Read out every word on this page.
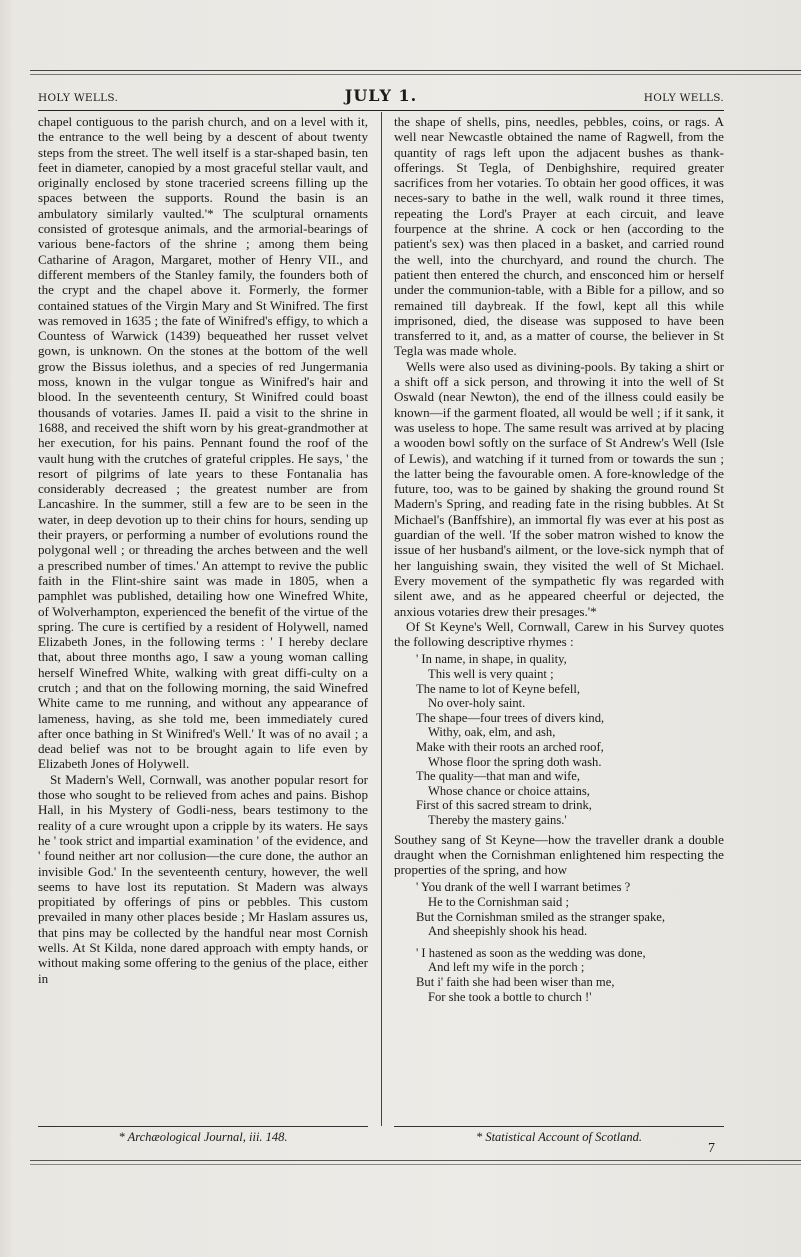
HOLY WELLS.	JULY 1.	HOLY WELLS.

chapel contiguous to the parish church, and on a level with it, the entrance to the well being by a descent of about twenty steps from the street. The well itself is a star-shaped basin, ten feet in diameter, canopied by a most graceful stellar vault, and originally enclosed by stone traceried screens filling up the spaces between the supports. Round the basin is an ambulatory similarly vaulted.'* The sculptural ornaments consisted of grotesque animals, and the armorial-bearings of various bene-factors of the shrine ; among them being Catharine of Aragon, Margaret, mother of Henry VII., and different members of the Stanley family, the founders both of the crypt and the chapel above it. Formerly, the former contained statues of the Virgin Mary and St Winifred. The first was removed in 1635 ; the fate of Winifred's effigy, to which a Countess of Warwick (1439) bequeathed her russet velvet gown, is unknown. On the stones at the bottom of the well grow the Bissus iolethus, and a species of red Jungermania moss, known in the vulgar tongue as Winifred's hair and blood. In the seventeenth century, St Winifred could boast thousands of votaries. James II. paid a visit to the shrine in 1688, and received the shift worn by his great-grandmother at her execution, for his pains. Pennant found the roof of the vault hung with the crutches of grateful cripples. He says, ' the resort of pilgrims of late years to these Fontanalia has considerably decreased ; the greatest number are from Lancashire. In the summer, still a few are to be seen in the water, in deep devotion up to their chins for hours, sending up their prayers, or performing a number of evolutions round the polygonal well ; or threading the arches between and the well a prescribed number of times.' An attempt to revive the public faith in the Flint-shire saint was made in 1805, when a pamphlet was published, detailing how one Winefred White, of Wolverhampton, experienced the benefit of the virtue of the spring. The cure is certified by a resident of Holywell, named Elizabeth Jones, in the following terms : ' I hereby declare that, about three months ago, I saw a young woman calling herself Winefred White, walking with great diffi-culty on a crutch ; and that on the following morning, the said Winefred White came to me running, and without any appearance of lameness, having, as she told me, been immediately cured after once bathing in St Winifred's Well.' It was of no avail ; a dead belief was not to be brought again to life even by Elizabeth Jones of Holywell.

St Madern's Well, Cornwall, was another popular resort for those who sought to be relieved from aches and pains. Bishop Hall, in his Mystery of Godli-ness, bears testimony to the reality of a cure wrought upon a cripple by its waters. He says he ' took strict and impartial examination ' of the evidence, and ' found neither art nor collusion—the cure done, the author an invisible God.' In the seventeenth century, however, the well seems to have lost its reputation. St Madern was always propitiated by offerings of pins or pebbles. This custom prevailed in many other places beside ; Mr Haslam assures us, that pins may be collected by the handful near most Cornish wells. At St Kilda, none dared approach with empty hands, or without making some offering to the genius of the place, either in

the shape of shells, pins, needles, pebbles, coins, or rags. A well near Newcastle obtained the name of Ragwell, from the quantity of rags left upon the adjacent bushes as thank-offerings. St Tegla, of Denbighshire, required greater sacrifices from her votaries. To obtain her good offices, it was neces-sary to bathe in the well, walk round it three times, repeating the Lord's Prayer at each circuit, and leave fourpence at the shrine. A cock or hen (according to the patient's sex) was then placed in a basket, and carried round the well, into the churchyard, and round the church. The patient then entered the church, and ensconced him or herself under the communion-table, with a Bible for a pillow, and so remained till daybreak. If the fowl, kept all this while imprisoned, died, the disease was supposed to have been transferred to it, and, as a matter of course, the believer in St Tegla was made whole.

Wells were also used as divining-pools. By taking a shirt or a shift off a sick person, and throwing it into the well of St Oswald (near Newton), the end of the illness could easily be known—if the garment floated, all would be well ; if it sank, it was useless to hope. The same result was arrived at by placing a wooden bowl softly on the surface of St Andrew's Well (Isle of Lewis), and watching if it turned from or towards the sun ; the latter being the favourable omen. A fore-knowledge of the future, too, was to be gained by shaking the ground round St Madern's Spring, and reading fate in the rising bubbles. At St Michael's (Banffshire), an immortal fly was ever at his post as guardian of the well. 'If the sober matron wished to know the issue of her husband's ailment, or the love-sick nymph that of her languishing swain, they visited the well of St Michael. Every movement of the sympathetic fly was regarded with silent awe, and as he appeared cheerful or dejected, the anxious votaries drew their presages.'*

Of St Keyne's Well, Cornwall, Carew in his Survey quotes the following descriptive rhymes :

' In name, in shape, in quality,
This well is very quaint ;
The name to lot of Keyne befell,
No over-holy saint.
The shape—four trees of divers kind,
Withy, oak, elm, and ash,
Make with their roots an arched roof,
Whose floor the spring doth wash.
The quality—that man and wife,
Whose chance or choice attains,
First of this sacred stream to drink,
Thereby the mastery gains.'

Southey sang of St Keyne—how the traveller drank a double draught when the Cornishman enlightened him respecting the properties of the spring, and how

' You drank of the well I warrant betimes ?
He to the Cornishman said ;
But the Cornishman smiled as the stranger spake,
And sheepishly shook his head.
' I hastened as soon as the wedding was done,
And left my wife in the porch ;
But i' faith she had been wiser than me,
For she took a bottle to church !'
* Archæological Journal, iii. 148.	* Statistical Account of Scotland.
7
